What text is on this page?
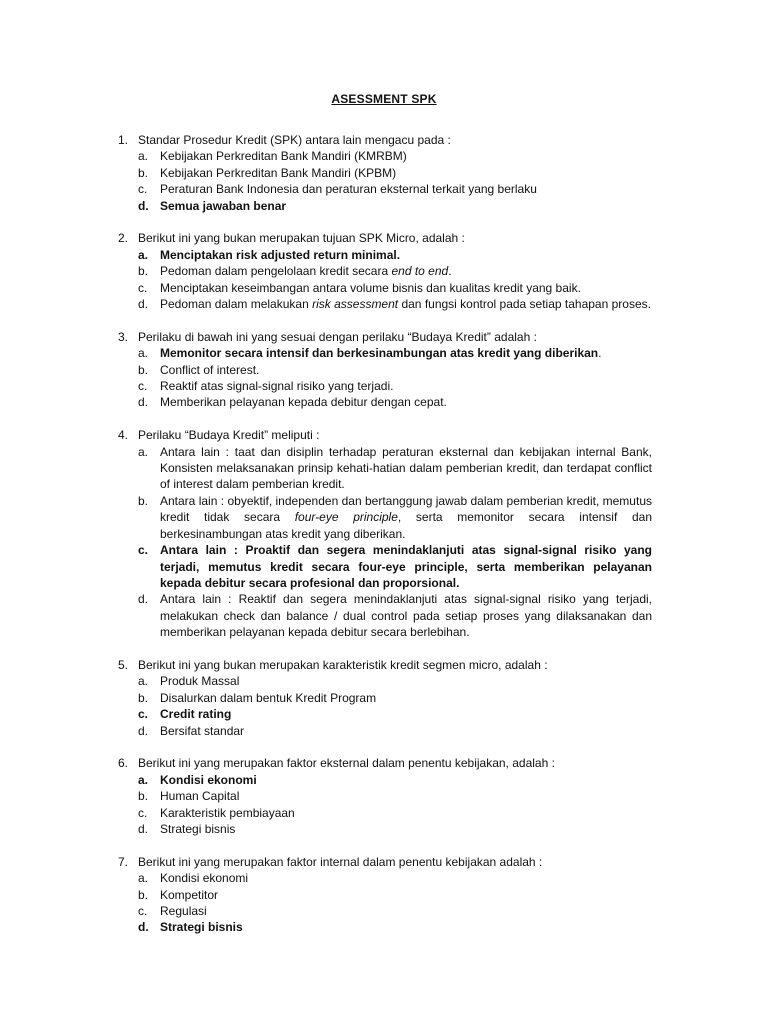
ASESSMENT SPK
1. Standar Prosedur Kredit (SPK) antara lain mengacu pada :
a. Kebijakan Perkreditan Bank Mandiri (KMRBM)
b. Kebijakan Perkreditan Bank Mandiri (KPBM)
c.	Peraturan Bank Indonesia dan peraturan eksternal terkait yang berlaku
d. Semua jawaban benar
2. Berikut ini yang bukan merupakan tujuan SPK Micro, adalah :
a. Menciptakan risk adjusted return minimal.
b. Pedoman dalam pengelolaan kredit secara end to end.
c.	Menciptakan keseimbangan antara volume bisnis dan kualitas kredit yang baik.
d. Pedoman dalam melakukan risk assessment dan fungsi kontrol pada setiap tahapan proses.
3. Perilaku di bawah ini yang sesuai dengan perilaku “Budaya Kredit” adalah :
a. Memonitor secara intensif dan berkesinambungan atas kredit yang diberikan.
b. Conflict of interest.
c.	Reaktif atas signal-signal risiko yang terjadi.
d. Memberikan pelayanan kepada debitur dengan cepat.
4. Perilaku “Budaya Kredit” meliputi :
a. Antara lain : taat dan disiplin terhadap peraturan eksternal dan kebijakan internal Bank, Konsisten melaksanakan prinsip kehati-hatian dalam pemberian kredit, dan terdapat conflict of interest dalam pemberian kredit.
b. Antara lain : obyektif, independen dan bertanggung jawab dalam pemberian kredit, memutus kredit tidak secara four-eye principle, serta memonitor secara intensif dan berkesinambungan atas kredit yang diberikan.
c. Antara lain : Proaktif dan segera menindaklanjuti atas signal-signal risiko yang terjadi, memutus kredit secara four-eye principle, serta memberikan pelayanan kepada debitur secara profesional dan proporsional.
d. Antara lain : Reaktif dan segera menindaklanjuti atas signal-signal risiko yang terjadi, melakukan check dan balance / dual control pada setiap proses yang dilaksanakan dan memberikan pelayanan kepada debitur secara berlebihan.
5. Berikut ini yang bukan merupakan karakteristik kredit segmen micro, adalah :
a. Produk Massal
b. Disalurkan dalam bentuk Kredit Program
c. Credit rating
d. Bersifat standar
6. Berikut ini yang merupakan faktor eksternal dalam penentu kebijakan, adalah :
a. Kondisi ekonomi
b. Human Capital
c.	Karakteristik pembiayaan
d. Strategi bisnis
7. Berikut ini yang merupakan faktor internal dalam penentu kebijakan adalah :
a. Kondisi ekonomi
b. Kompetitor
c.	Regulasi
d. Strategi bisnis
